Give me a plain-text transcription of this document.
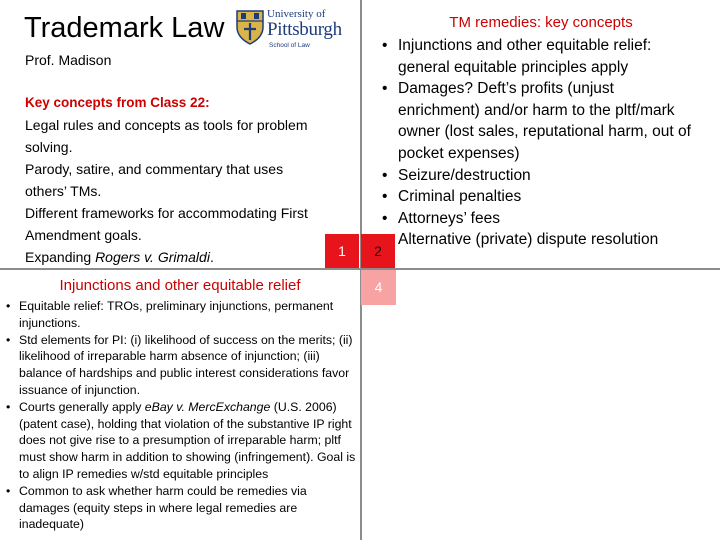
Trademark Law	University of
Pittsburgh
School of Law
Prof. Madison
Key concepts from Class 22:
Legal rules and concepts as tools for problem
solving.
Parody, satire, and commentary that uses
others’ TMs.
Different frameworks for accommodating First
Amendment goals.
Expanding Rogers v. Grimaldi.
TM remedies: key concepts
• Injunctions and other equitable relief: general equitable principles apply
• Damages? Deft’s profits (unjust enrichment) and/or harm to the pltf/mark owner (lost sales, reputational harm, out of pocket expenses)
• Seizure/destruction
• Criminal penalties
• Attorneys’ fees
• Alternative (private) dispute resolution
1	2
4
Injunctions and other equitable relief
• Equitable relief: TROs, preliminary injunctions, permanent injunctions.
• Std elements for PI: (i) likelihood of success on the merits; (ii) likelihood of irreparable harm absence of injunction; (iii) balance of hardships and public interest considerations favor issuance of injunction.
• Courts generally apply eBay v. MercExchange (U.S. 2006) (patent case), holding that violation of the substantive IP right does not give rise to a presumption of irreparable harm; pltf must show harm in addition to showing (infringement). Goal is to align IP remedies w/std equitable principles
• Common to ask whether harm could be remedies via damages (equity steps in where legal remedies are inadequate)
